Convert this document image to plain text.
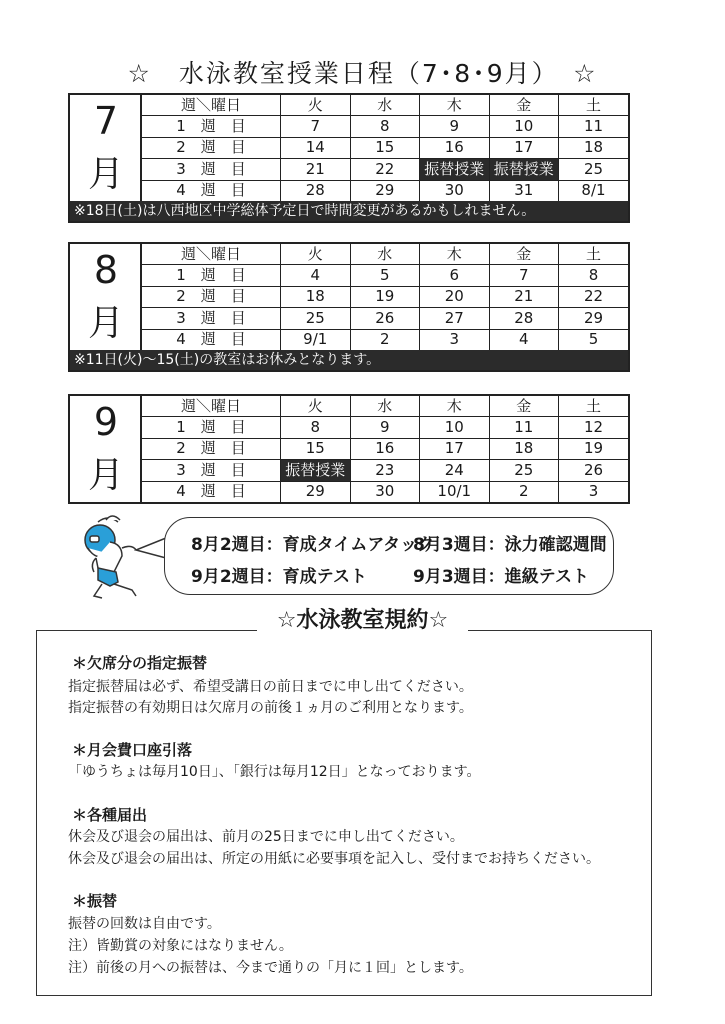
☆　水泳教室授業日程（7･8･9月）　☆
7
月
週＼曜日	火	水	木	金	土
1　週　目	7	8	9	10	11
2　週　目	14	15	16	17	18
3　週　目	21	22	振替授業	振替授業	25
4　週　目	28	29	30	31	8/1
※18日(土)は八西地区中学総体予定日で時間変更があるかもしれません。
8
月
週＼曜日	火	水	木	金	土
1　週　目	4	5	6	7	8
2　週　目	18	19	20	21	22
3　週　目	25	26	27	28	29
4　週　目	9/1	2	3	4	5
※11日(火)～15(土)の教室はお休みとなります。
9
月
週＼曜日	火	水	木	金	土
1　週　目	8	9	10	11	12
2　週　目	15	16	17	18	19
3　週　目	振替授業	23	24	25	26
4　週　目	29	30	10/1	2	3
8月2週目：育成タイムアタック
8月3週目：泳力確認週間
9月2週目：育成テスト	9月3週目：進級テスト
☆水泳教室規約☆
＊欠席分の指定振替
指定振替届は必ず、希望受講日の前日までに申し出てください。
指定振替の有効期日は欠席月の前後１ヵ月のご利用となります。
＊月会費口座引落
「ゆうちょは毎月10日」、「銀行は毎月12日」となっております。
＊各種届出
休会及び退会の届出は、前月の25日までに申し出てください。
休会及び退会の届出は、所定の用紙に必要事項を記入し、受付までお持ちください。
＊振替
振替の回数は自由です。
注）皆勤賞の対象にはなりません。
注）前後の月への振替は、今まで通りの「月に１回」とします。
